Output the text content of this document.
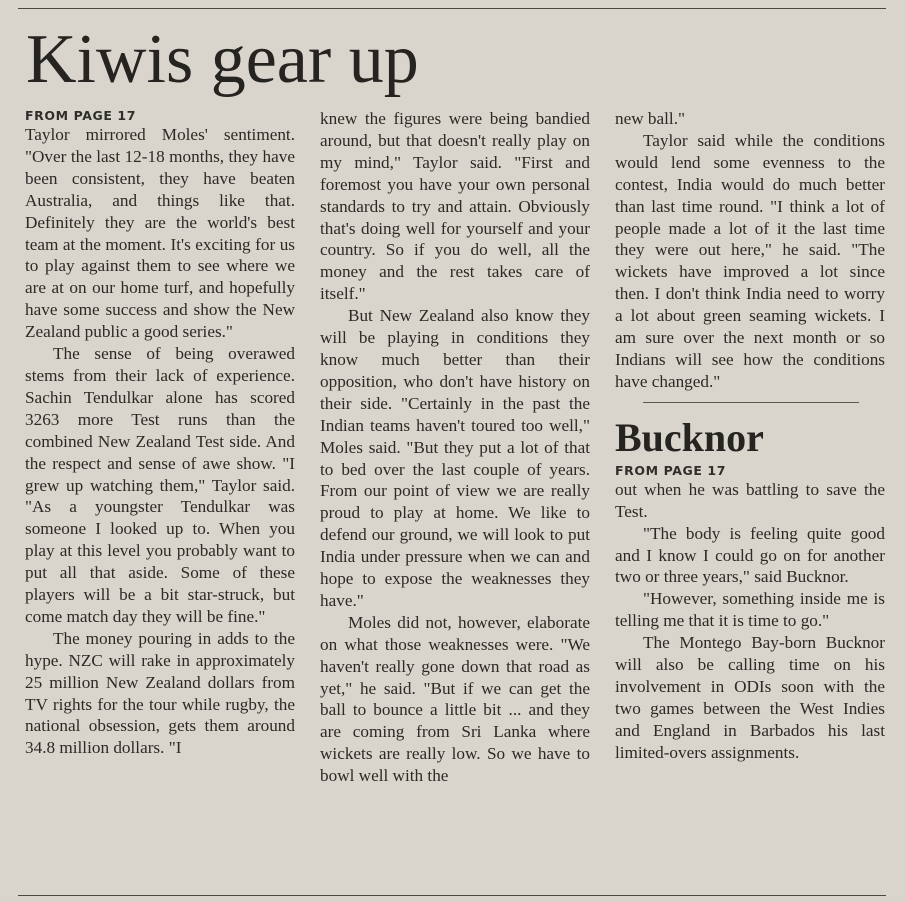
Kiwis gear up
FROM PAGE 17

Taylor mirrored Moles' sentiment. "Over the last 12-18 months, they have been consistent, they have beaten Australia, and things like that. Definitely they are the world's best team at the moment. It's exciting for us to play against them to see where we are at on our home turf, and hopefully have some success and show the New Zealand public a good series."

The sense of being overawed stems from their lack of experience. Sachin Tendulkar alone has scored 3263 more Test runs than the combined New Zealand Test side. And the respect and sense of awe show. "I grew up watching them," Taylor said. "As a youngster Tendulkar was someone I looked up to. When you play at this level you probably want to put all that aside. Some of these players will be a bit star-struck, but come match day they will be fine."

The money pouring in adds to the hype. NZC will rake in approximately 25 million New Zealand dollars from TV rights for the tour while rugby, the national obsession, gets them around 34.8 million dollars. "I

knew the figures were being bandied around, but that doesn't really play on my mind," Taylor said. "First and foremost you have your own personal standards to try and attain. Obviously that's doing well for yourself and your country. So if you do well, all the money and the rest takes care of itself."

But New Zealand also know they will be playing in conditions they know much better than their opposition, who don't have history on their side. "Certainly in the past the Indian teams haven't toured too well," Moles said. "But they put a lot of that to bed over the last couple of years. From our point of view we are really proud to play at home. We like to defend our ground, we will look to put India under pressure when we can and hope to expose the weaknesses they have."

Moles did not, however, elaborate on what those weaknesses were. "We haven't really gone down that road as yet," he said. "But if we can get the ball to bounce a little bit ... and they are coming from Sri Lanka where wickets are really low. So we have to bowl well with the

new ball."

Taylor said while the conditions would lend some evenness to the contest, India would do much better than last time round. "I think a lot of people made a lot of it the last time they were out here," he said. "The wickets have improved a lot since then. I don't think India need to worry a lot about green seaming wickets. I am sure over the next month or so Indians will see how the conditions have changed."

Bucknor
FROM PAGE 17

out when he was battling to save the Test.

"The body is feeling quite good and I know I could go on for another two or three years," said Bucknor.

"However, something inside me is telling me that it is time to go."

The Montego Bay-born Bucknor will also be calling time on his involvement in ODIs soon with the two games between the West Indies and England in Barbados his last limited-overs assignments.
